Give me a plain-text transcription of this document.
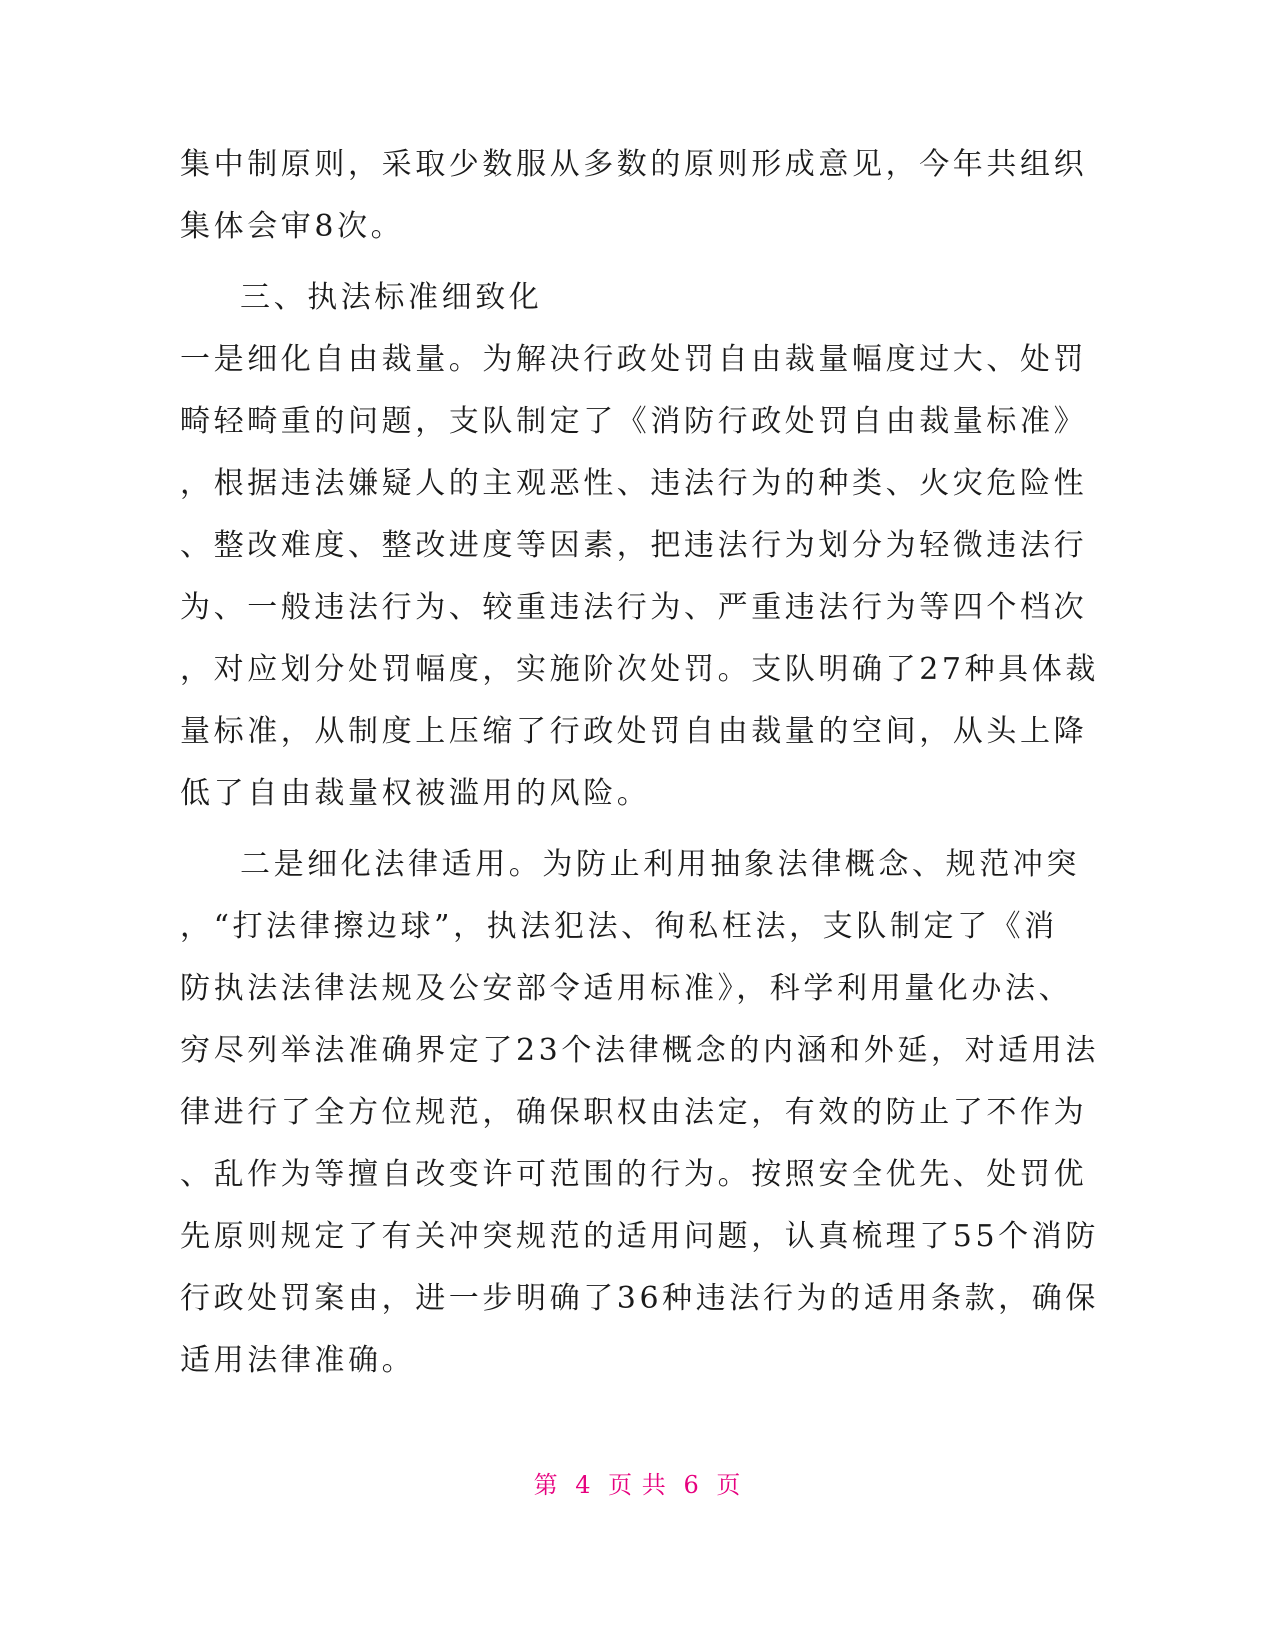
集中制原则，采取少数服从多数的原则形成意见，今年共组织
集体会审8次。
三、执法标准细致化
一是细化自由裁量。为解决行政处罚自由裁量幅度过大、处罚
畸轻畸重的问题，支队制定了《消防行政处罚自由裁量标准》
，根据违法嫌疑人的主观恶性、违法行为的种类、火灾危险性
、整改难度、整改进度等因素，把违法行为划分为轻微违法行
为、一般违法行为、较重违法行为、严重违法行为等四个档次
，对应划分处罚幅度，实施阶次处罚。支队明确了27种具体裁
量标准，从制度上压缩了行政处罚自由裁量的空间，从头上降
低了自由裁量权被滥用的风险。
二是细化法律适用。为防止利用抽象法律概念、规范冲突
，“打法律擦边球”，执法犯法、徇私枉法，支队制定了《消
防执法法律法规及公安部令适用标准》，科学利用量化办法、
穷尽列举法准确界定了23个法律概念的内涵和外延，对适用法
律进行了全方位规范，确保职权由法定，有效的防止了不作为
、乱作为等擅自改变许可范围的行为。按照安全优先、处罚优
先原则规定了有关冲突规范的适用问题，认真梳理了55个消防
行政处罚案由，进一步明确了36种违法行为的适用条款，确保
适用法律准确。
第 4 页 共 6 页
